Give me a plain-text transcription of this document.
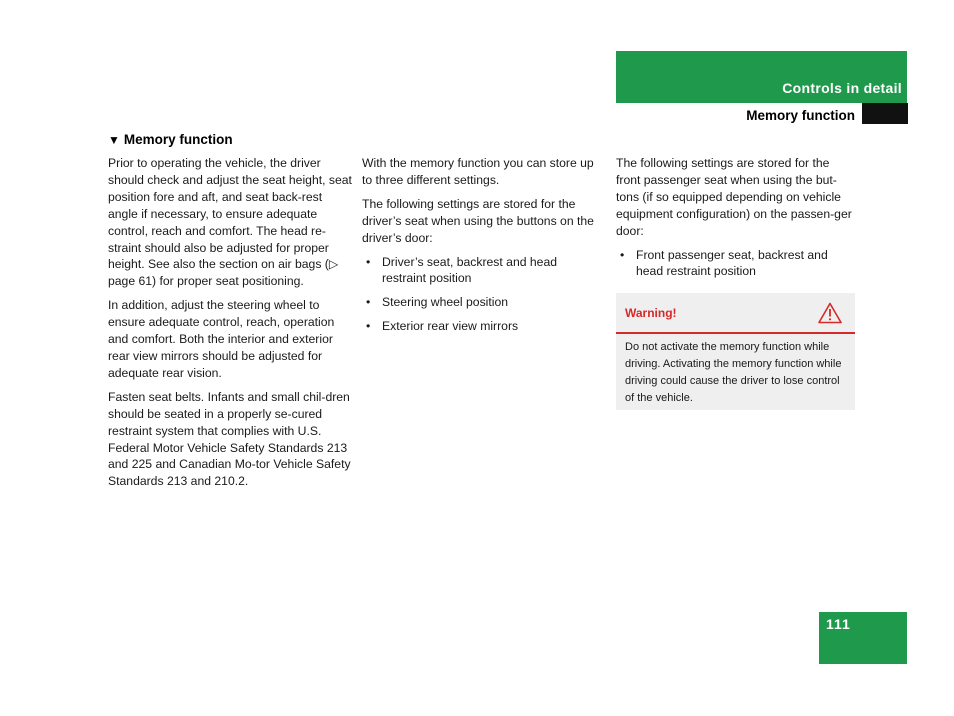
Controls in detail
Memory function
▼ Memory function

Prior to operating the vehicle, the driver should check and adjust the seat height, seat position fore and aft, and seat back-rest angle if necessary, to ensure adequate control, reach and comfort. The head re-straint should also be adjusted for proper height. See also the section on air bags (▷ page 61) for proper seat positioning.

In addition, adjust the steering wheel to ensure adequate control, reach, operation and comfort. Both the interior and exterior rear view mirrors should be adjusted for adequate rear vision.

Fasten seat belts. Infants and small chil-dren should be seated in a properly se-cured restraint system that complies with U.S. Federal Motor Vehicle Safety Standards 213 and 225 and Canadian Mo-tor Vehicle Safety Standards 213 and 210.2.

With the memory function you can store up to three different settings.

The following settings are stored for the driver’s seat when using the buttons on the driver’s door:

• Driver’s seat, backrest and head restraint position
• Steering wheel position
• Exterior rear view mirrors

The following settings are stored for the front passenger seat when using the but-tons (if so equipped depending on vehicle equipment configuration) on the passen-ger door:

• Front passenger seat, backrest and head restraint position
Warning!
Do not activate the memory function while driving. Activating the memory function while driving could cause the driver to lose control of the vehicle.
111
